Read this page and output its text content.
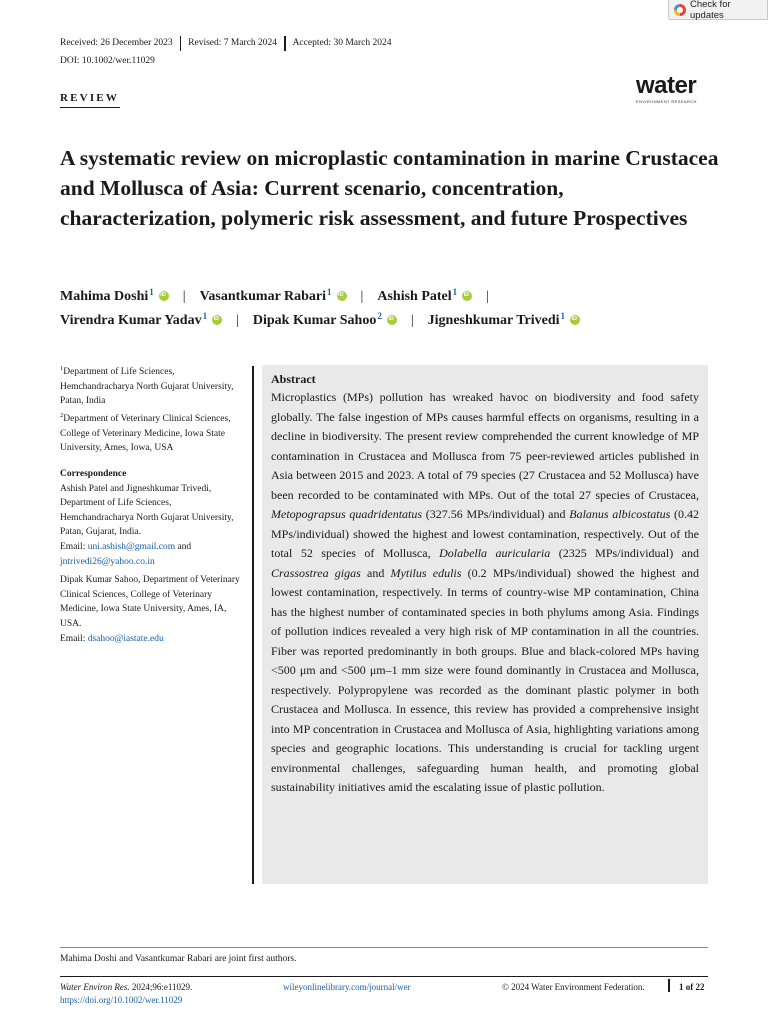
Check for updates
Received: 26 December 2023	Revised: 7 March 2024	Accepted: 30 March 2024
DOI: 10.1002/wer.11029
REVIEW	water
ENVIRONMENT RESEARCH
A systematic review on microplastic contamination in marine Crustacea and Mollusca of Asia: Current scenario, concentration, characterization, polymeric risk assessment, and future Prospectives
Mahima Doshi$^1$ iD | Vasantkumar Rabari$^1$ iD | Ashish Patel$^1$ iD |
Virendra Kumar Yadav$^1$ iD | Dipak Kumar Sahoo$^2$ iD | Jigneshkumar Trivedi$^1$
iD
$^1$Department of Life Sciences, Hemchandracharya North Gujarat University, Patan, India
$^2$Department of Veterinary Clinical Sciences, College of Veterinary Medicine, Iowa State University, Ames, Iowa, USA
Correspondence
Ashish Patel and Jigneshkumar Trivedi, Department of Life Sciences, Hemchandracharya North Gujarat University, Patan, Gujarat, India.
Email: uni.ashish@gmail.com and
jntrivedi26@yahoo.co.in
Dipak Kumar Sahoo, Department of Veterinary Clinical Sciences, College of Veterinary Medicine, Iowa State University, Ames, IA, USA.
Email: dsahoo@iastate.edu
Abstract
Microplastics (MPs) pollution has wreaked havoc on biodiversity and food safety globally. The false ingestion of MPs causes harmful effects on organisms, resulting in a decline in biodiversity. The present review comprehended the current knowledge of MP contamination in Crustacea and Mollusca from 75 peer-reviewed articles published in Asia between 2015 and 2023. A total of 79 species (27 Crustacea and 52 Mollusca) have been recorded to be contaminated with MPs. Out of the total 27 species of Crustacea, Metopograpsus quadridentatus (327.56 MPs/individual) and Balanus albicostatus (0.42 MPs/individual) showed the highest and lowest contamination, respectively. Out of the total 52 species of Mollusca, Dolabella auricularia (2325 MPs/individual) and Crassostrea gigas and Mytilus edulis (0.2 MPs/individual) showed the highest and lowest contamination, respectively. In terms of country-wise MP contamination, China has the highest number of contaminated species in both phylums among Asia. Findings of pollution indices revealed a very high risk of MP contamination in all the countries. Fiber was reported predominantly in both groups. Blue and black-colored MPs having <500 μm and <500 μm–1 mm size were found dominantly in Crustacea and Mollusca, respectively. Polypropylene was recorded as the dominant plastic polymer in both Crustacea and Mollusca. In essence, this review has provided a comprehensive insight into MP concentration in Crustacea and Mollusca of Asia, highlighting variations among species and geographic locations. This understanding is crucial for tackling urgent environmental challenges, safeguarding human health, and promoting global sustainability initiatives amid the escalating issue of plastic pollution.
Mahima Doshi and Vasantkumar Rabari are joint first authors.
Water Environ Res. 2024;96:e11029.
https://doi.org/10.1002/wer.11029
wileyonlinelibrary.com/journal/wer	© 2024 Water Environment Federation.	1 of 22
